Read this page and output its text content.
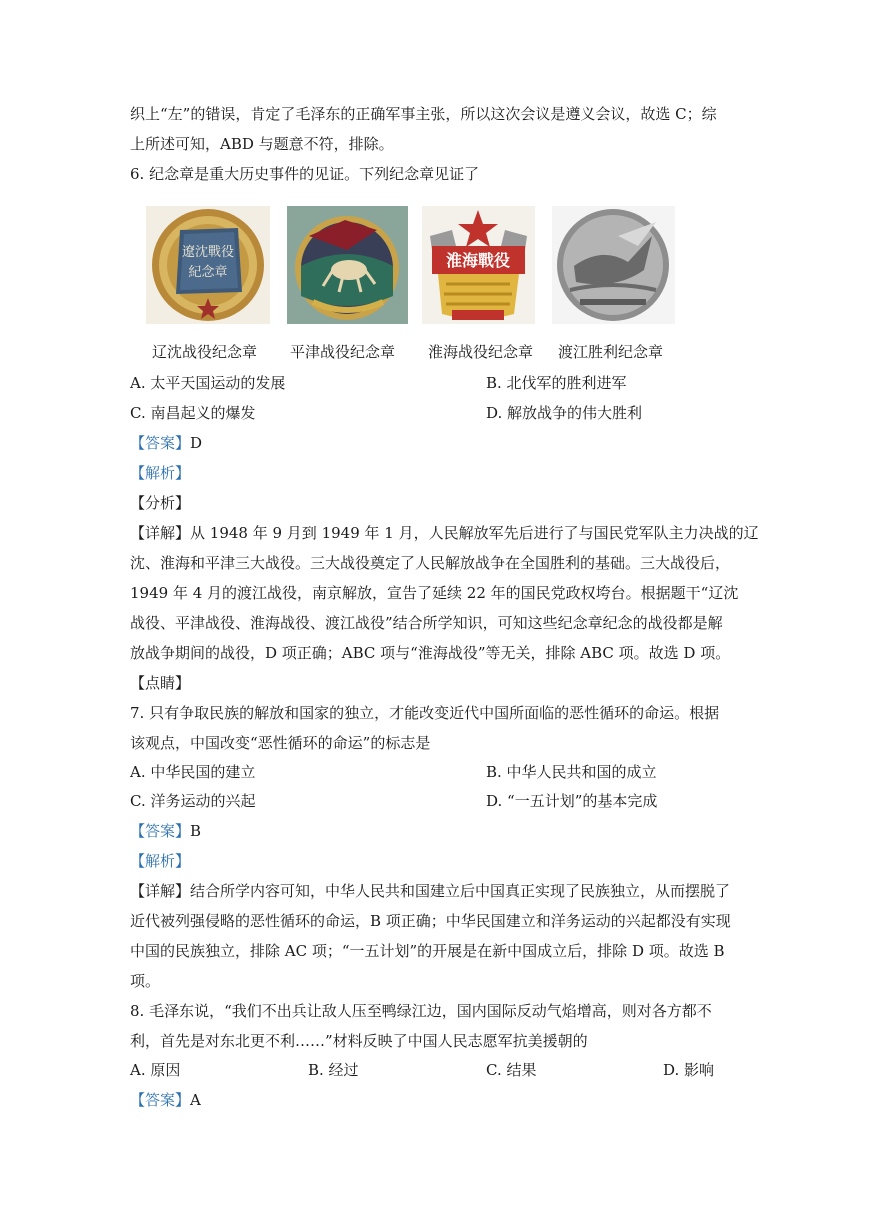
织上“左”的错误，肯定了毛泽东的正确军事主张，所以这次会议是遵义会议，故选 C；综
上所述可知，ABD 与题意不符，排除。
6. 纪念章是重大历史事件的见证。下列纪念章见证了
遼沈戰役
紀念章
淮海戰役
辽沈战役纪念章 平津战役纪念章 淮海战役纪念章 渡江胜利纪念章
A. 太平天国运动的发展	B. 北伐军的胜利进军
C. 南昌起义的爆发	D. 解放战争的伟大胜利
【答案】D
【解析】
【分析】
【详解】从 1948 年 9 月到 1949 年 1 月，人民解放军先后进行了与国民党军队主力决战的辽
沈、淮海和平津三大战役。三大战役奠定了人民解放战争在全国胜利的基础。三大战役后，
1949 年 4 月的渡江战役，南京解放，宣告了延续 22 年的国民党政权垮台。根据题干“辽沈
战役、平津战役、淮海战役、渡江战役”结合所学知识，可知这些纪念章纪念的战役都是解
放战争期间的战役，D 项正确；ABC 项与“淮海战役”等无关，排除 ABC 项。故选 D 项。
【点睛】
7. 只有争取民族的解放和国家的独立，才能改变近代中国所面临的恶性循环的命运。根据
该观点，中国改变“恶性循环的命运”的标志是
A. 中华民国的建立	B. 中华人民共和国的成立
C. 洋务运动的兴起	D. “一五计划”的基本完成
【答案】B
【解析】
【详解】结合所学内容可知，中华人民共和国建立后中国真正实现了民族独立，从而摆脱了
近代被列强侵略的恶性循环的命运，B 项正确；中华民国建立和洋务运动的兴起都没有实现
中国的民族独立，排除 AC 项；“一五计划”的开展是在新中国成立后，排除 D 项。故选 B
项。
8. 毛泽东说，“我们不出兵让敌人压至鸭绿江边，国内国际反动气焰增高，则对各方都不
利，首先是对东北更不利……”材料反映了中国人民志愿军抗美援朝的
A. 原因	B. 经过	C. 结果	D. 影响
【答案】A
